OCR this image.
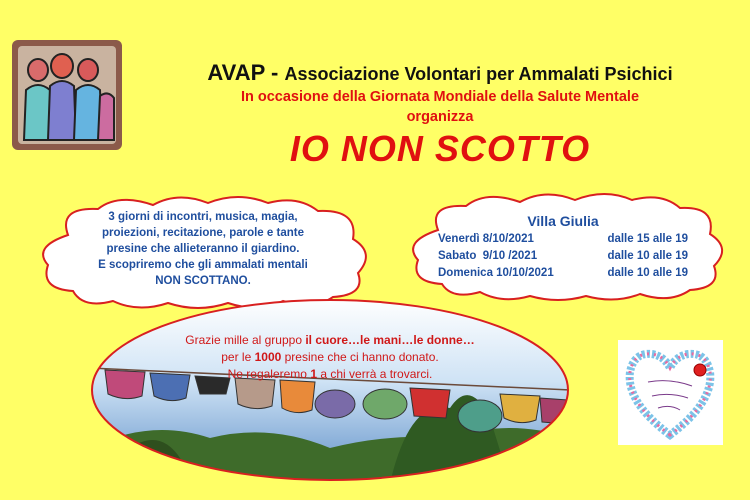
AVAP - Associazione Volontari per Ammalati Psichici
In occasione della Giornata Mondiale della Salute Mentale
organizza
IO NON SCOTTO
3 giorni di incontri, musica, magia,
proiezioni, recitazione, parole e tante
presine che allieteranno il giardino.
E scopriremo che gli ammalati mentali
NON SCOTTANO.
Villa Giulia
Venerdì 8/10/2021	dalle 15 alle 19
Sabato  9/10 /2021	dalle 10 alle 19
Domenica 10/10/2021	dalle 10 alle 19
Grazie mille al gruppo il cuore…le mani…le donne…
per le 1000 presine che ci hanno donato.
Ne regaleremo 1 a chi verrà a trovarci.
